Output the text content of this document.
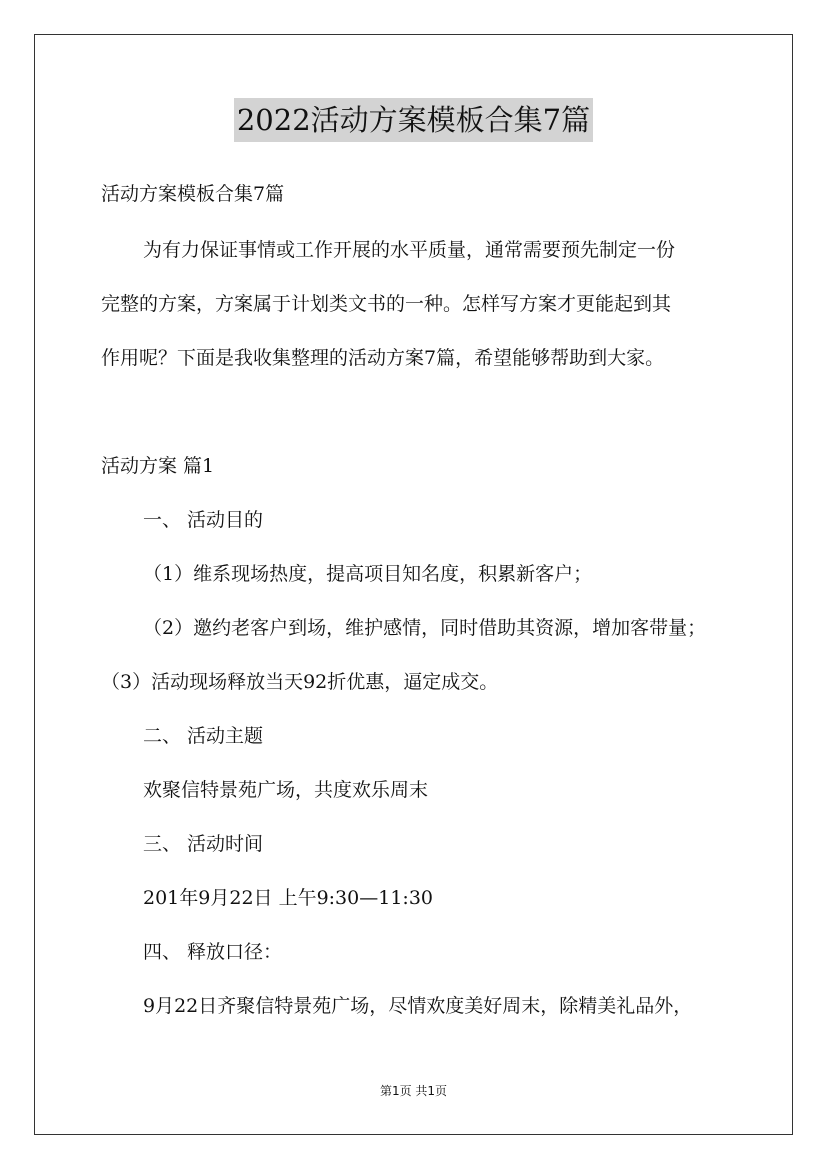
2022活动方案模板合集7篇
活动方案模板合集7篇
为有力保证事情或工作开展的水平质量，通常需要预先制定一份
完整的方案，方案属于计划类文书的一种。怎样写方案才更能起到其
作用呢？下面是我收集整理的活动方案7篇，希望能够帮助到大家。
活动方案 篇1
一、 活动目的
（1）维系现场热度，提高项目知名度，积累新客户；
（2）邀约老客户到场，维护感情，同时借助其资源，增加客带量；
（3）活动现场释放当天92折优惠，逼定成交。
二、 活动主题
欢聚信特景苑广场，共度欢乐周末
三、 活动时间
201年9月22日 上午9:30—11:30
四、 释放口径：
9月22日齐聚信特景苑广场，尽情欢度美好周末，除精美礼品外，
第1页 共1页
